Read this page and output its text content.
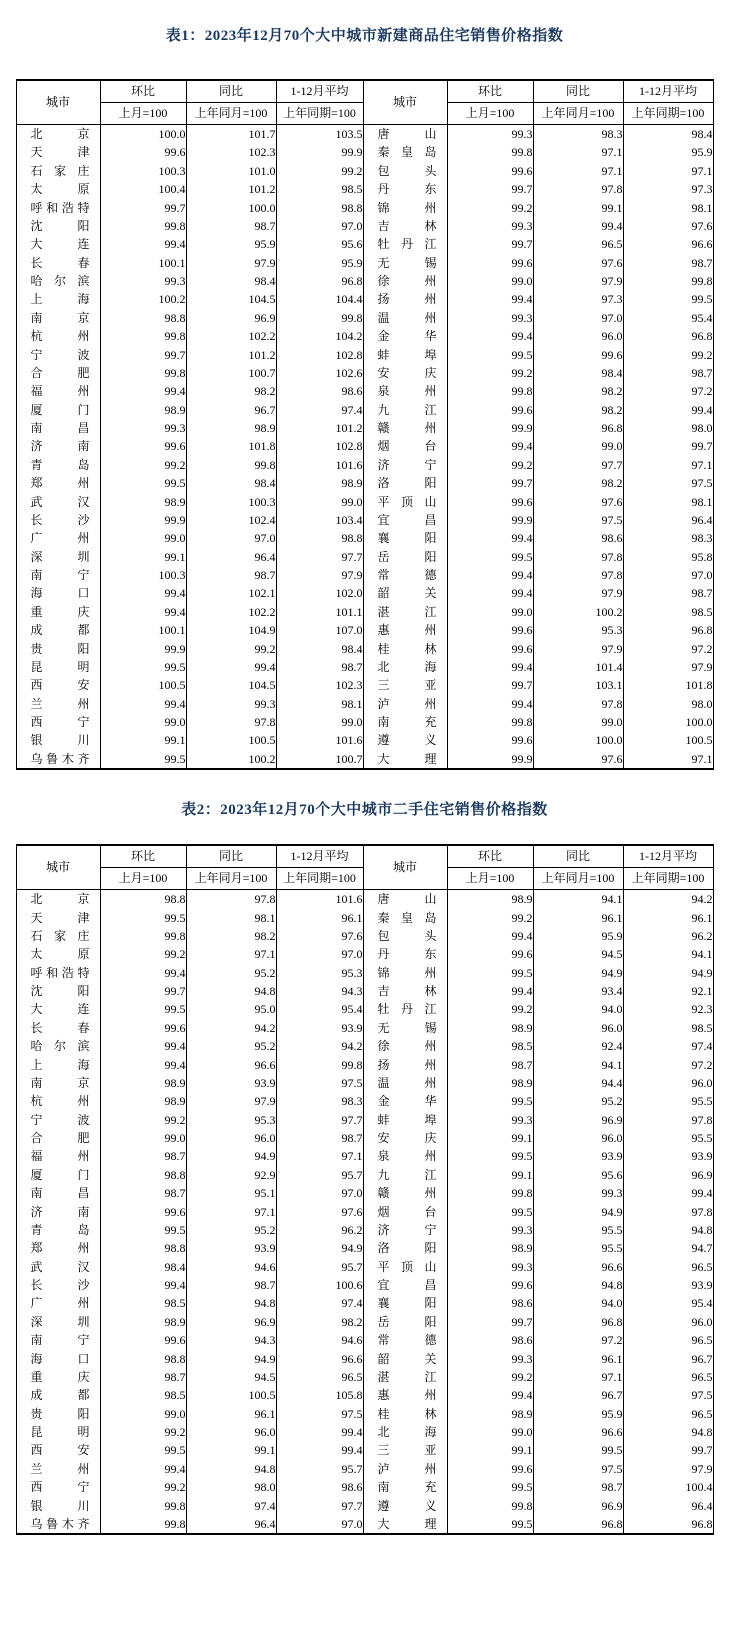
表1：2023年12月70个大中城市新建商品住宅销售价格指数
城市	环比	同比	1-12月平均	城市	环比	同比	1-12月平均
	上月=100	上年同月=100	上年同期=100		上月=100	上年同月=100	上年同期=100

北京	100.0	101.7	103.5	唐山	99.3	98.3	98.4

天津	99.6	102.3	99.9	秦皇岛	99.8	97.1	95.9

石家庄	100.3	101.0	99.2	包头	99.6	97.1	97.1

太原	100.4	101.2	98.5	丹东	99.7	97.8	97.3

呼和浩特	99.7	100.0	98.8	锦州	99.2	99.1	98.1

沈阳	99.8	98.7	97.0	吉林	99.3	99.4	97.6

大连	99.4	95.9	95.6	牡丹江	99.7	96.5	96.6

长春	100.1	97.9	95.9	无锡	99.6	97.6	98.7

哈尔滨	99.3	98.4	96.8	徐州	99.0	97.9	99.8

上海	100.2	104.5	104.4	扬州	99.4	97.3	99.5

南京	98.8	96.9	99.8	温州	99.3	97.0	95.4

杭州	99.8	102.2	104.2	金华	99.4	96.0	96.8

宁波	99.7	101.2	102.8	蚌埠	99.5	99.6	99.2

合肥	99.8	100.7	102.6	安庆	99.2	98.4	98.7

福州	99.4	98.2	98.6	泉州	99.8	98.2	97.2

厦门	98.9	96.7	97.4	九江	99.6	98.2	99.4

南昌	99.3	98.9	101.2	赣州	99.9	96.8	98.0

济南	99.6	101.8	102.8	烟台	99.4	99.0	99.7

青岛	99.2	99.8	101.6	济宁	99.2	97.7	97.1

郑州	99.5	98.4	98.9	洛阳	99.7	98.2	97.5

武汉	98.9	100.3	99.0	平顶山	99.6	97.6	98.1

长沙	99.9	102.4	103.4	宜昌	99.9	97.5	96.4

广州	99.0	97.0	98.8	襄阳	99.4	98.6	98.3

深圳	99.1	96.4	97.7	岳阳	99.5	97.8	95.8

南宁	100.3	98.7	97.9	常德	99.4	97.8	97.0

海口	99.4	102.1	102.0	韶关	99.4	97.9	98.7

重庆	99.4	102.2	101.1	湛江	99.0	100.2	98.5

成都	100.1	104.9	107.0	惠州	99.6	95.3	96.8

贵阳	99.9	99.2	98.4	桂林	99.6	97.9	97.2

昆明	99.5	99.4	98.7	北海	99.4	101.4	97.9

西安	100.5	104.5	102.3	三亚	99.7	103.1	101.8

兰州	99.4	99.3	98.1	泸州	99.4	97.8	98.0

西宁	99.0	97.8	99.0	南充	99.8	99.0	100.0

银川	99.1	100.5	101.6	遵义	99.6	100.0	100.5

乌鲁木齐	99.5	100.2	100.7	大理	99.9	97.6	97.1
表2：2023年12月70个大中城市二手住宅销售价格指数
城市	环比	同比	1-12月平均	城市	环比	同比	1-12月平均
	上月=100	上年同月=100	上年同期=100		上月=100	上年同月=100	上年同期=100

北京	98.8	97.8	101.6	唐山	98.9	94.1	94.2

天津	99.5	98.1	96.1	秦皇岛	99.2	96.1	96.1

石家庄	99.8	98.2	97.6	包头	99.4	95.9	96.2

太原	99.2	97.1	97.0	丹东	99.6	94.5	94.1

呼和浩特	99.4	95.2	95.3	锦州	99.5	94.9	94.9

沈阳	99.7	94.8	94.3	吉林	99.4	93.4	92.1

大连	99.5	95.0	95.4	牡丹江	99.2	94.0	92.3

长春	99.6	94.2	93.9	无锡	98.9	96.0	98.5

哈尔滨	99.4	95.2	94.2	徐州	98.5	92.4	97.4

上海	99.4	96.6	99.8	扬州	98.7	94.1	97.2

南京	98.9	93.9	97.5	温州	98.9	94.4	96.0

杭州	98.9	97.9	98.3	金华	99.5	95.2	95.5

宁波	99.2	95.3	97.7	蚌埠	99.3	96.9	97.8

合肥	99.0	96.0	98.7	安庆	99.1	96.0	95.5

福州	98.7	94.9	97.1	泉州	99.5	93.9	93.9

厦门	98.8	92.9	95.7	九江	99.1	95.6	96.9

南昌	98.7	95.1	97.0	赣州	99.8	99.3	99.4

济南	99.6	97.1	97.6	烟台	99.5	94.9	97.8

青岛	99.5	95.2	96.2	济宁	99.3	95.5	94.8

郑州	98.8	93.9	94.9	洛阳	98.9	95.5	94.7

武汉	98.4	94.6	95.7	平顶山	99.3	96.6	96.5

长沙	99.4	98.7	100.6	宜昌	99.6	94.8	93.9

广州	98.5	94.8	97.4	襄阳	98.6	94.0	95.4

深圳	98.9	96.9	98.2	岳阳	99.7	96.8	96.0

南宁	99.6	94.3	94.6	常德	98.6	97.2	96.5

海口	98.8	94.9	96.6	韶关	99.3	96.1	96.7

重庆	98.7	94.5	96.5	湛江	99.2	97.1	96.5

成都	98.5	100.5	105.8	惠州	99.4	96.7	97.5

贵阳	99.0	96.1	97.5	桂林	98.9	95.9	96.5

昆明	99.2	96.0	99.4	北海	99.0	96.6	94.8

西安	99.5	99.1	99.4	三亚	99.1	99.5	99.7

兰州	99.4	94.8	95.7	泸州	99.6	97.5	97.9

西宁	99.2	98.0	98.6	南充	99.5	98.7	100.4

银川	99.8	97.4	97.7	遵义	99.8	96.9	96.4

乌鲁木齐	99.8	96.4	97.0	大理	99.5	96.8	96.8
